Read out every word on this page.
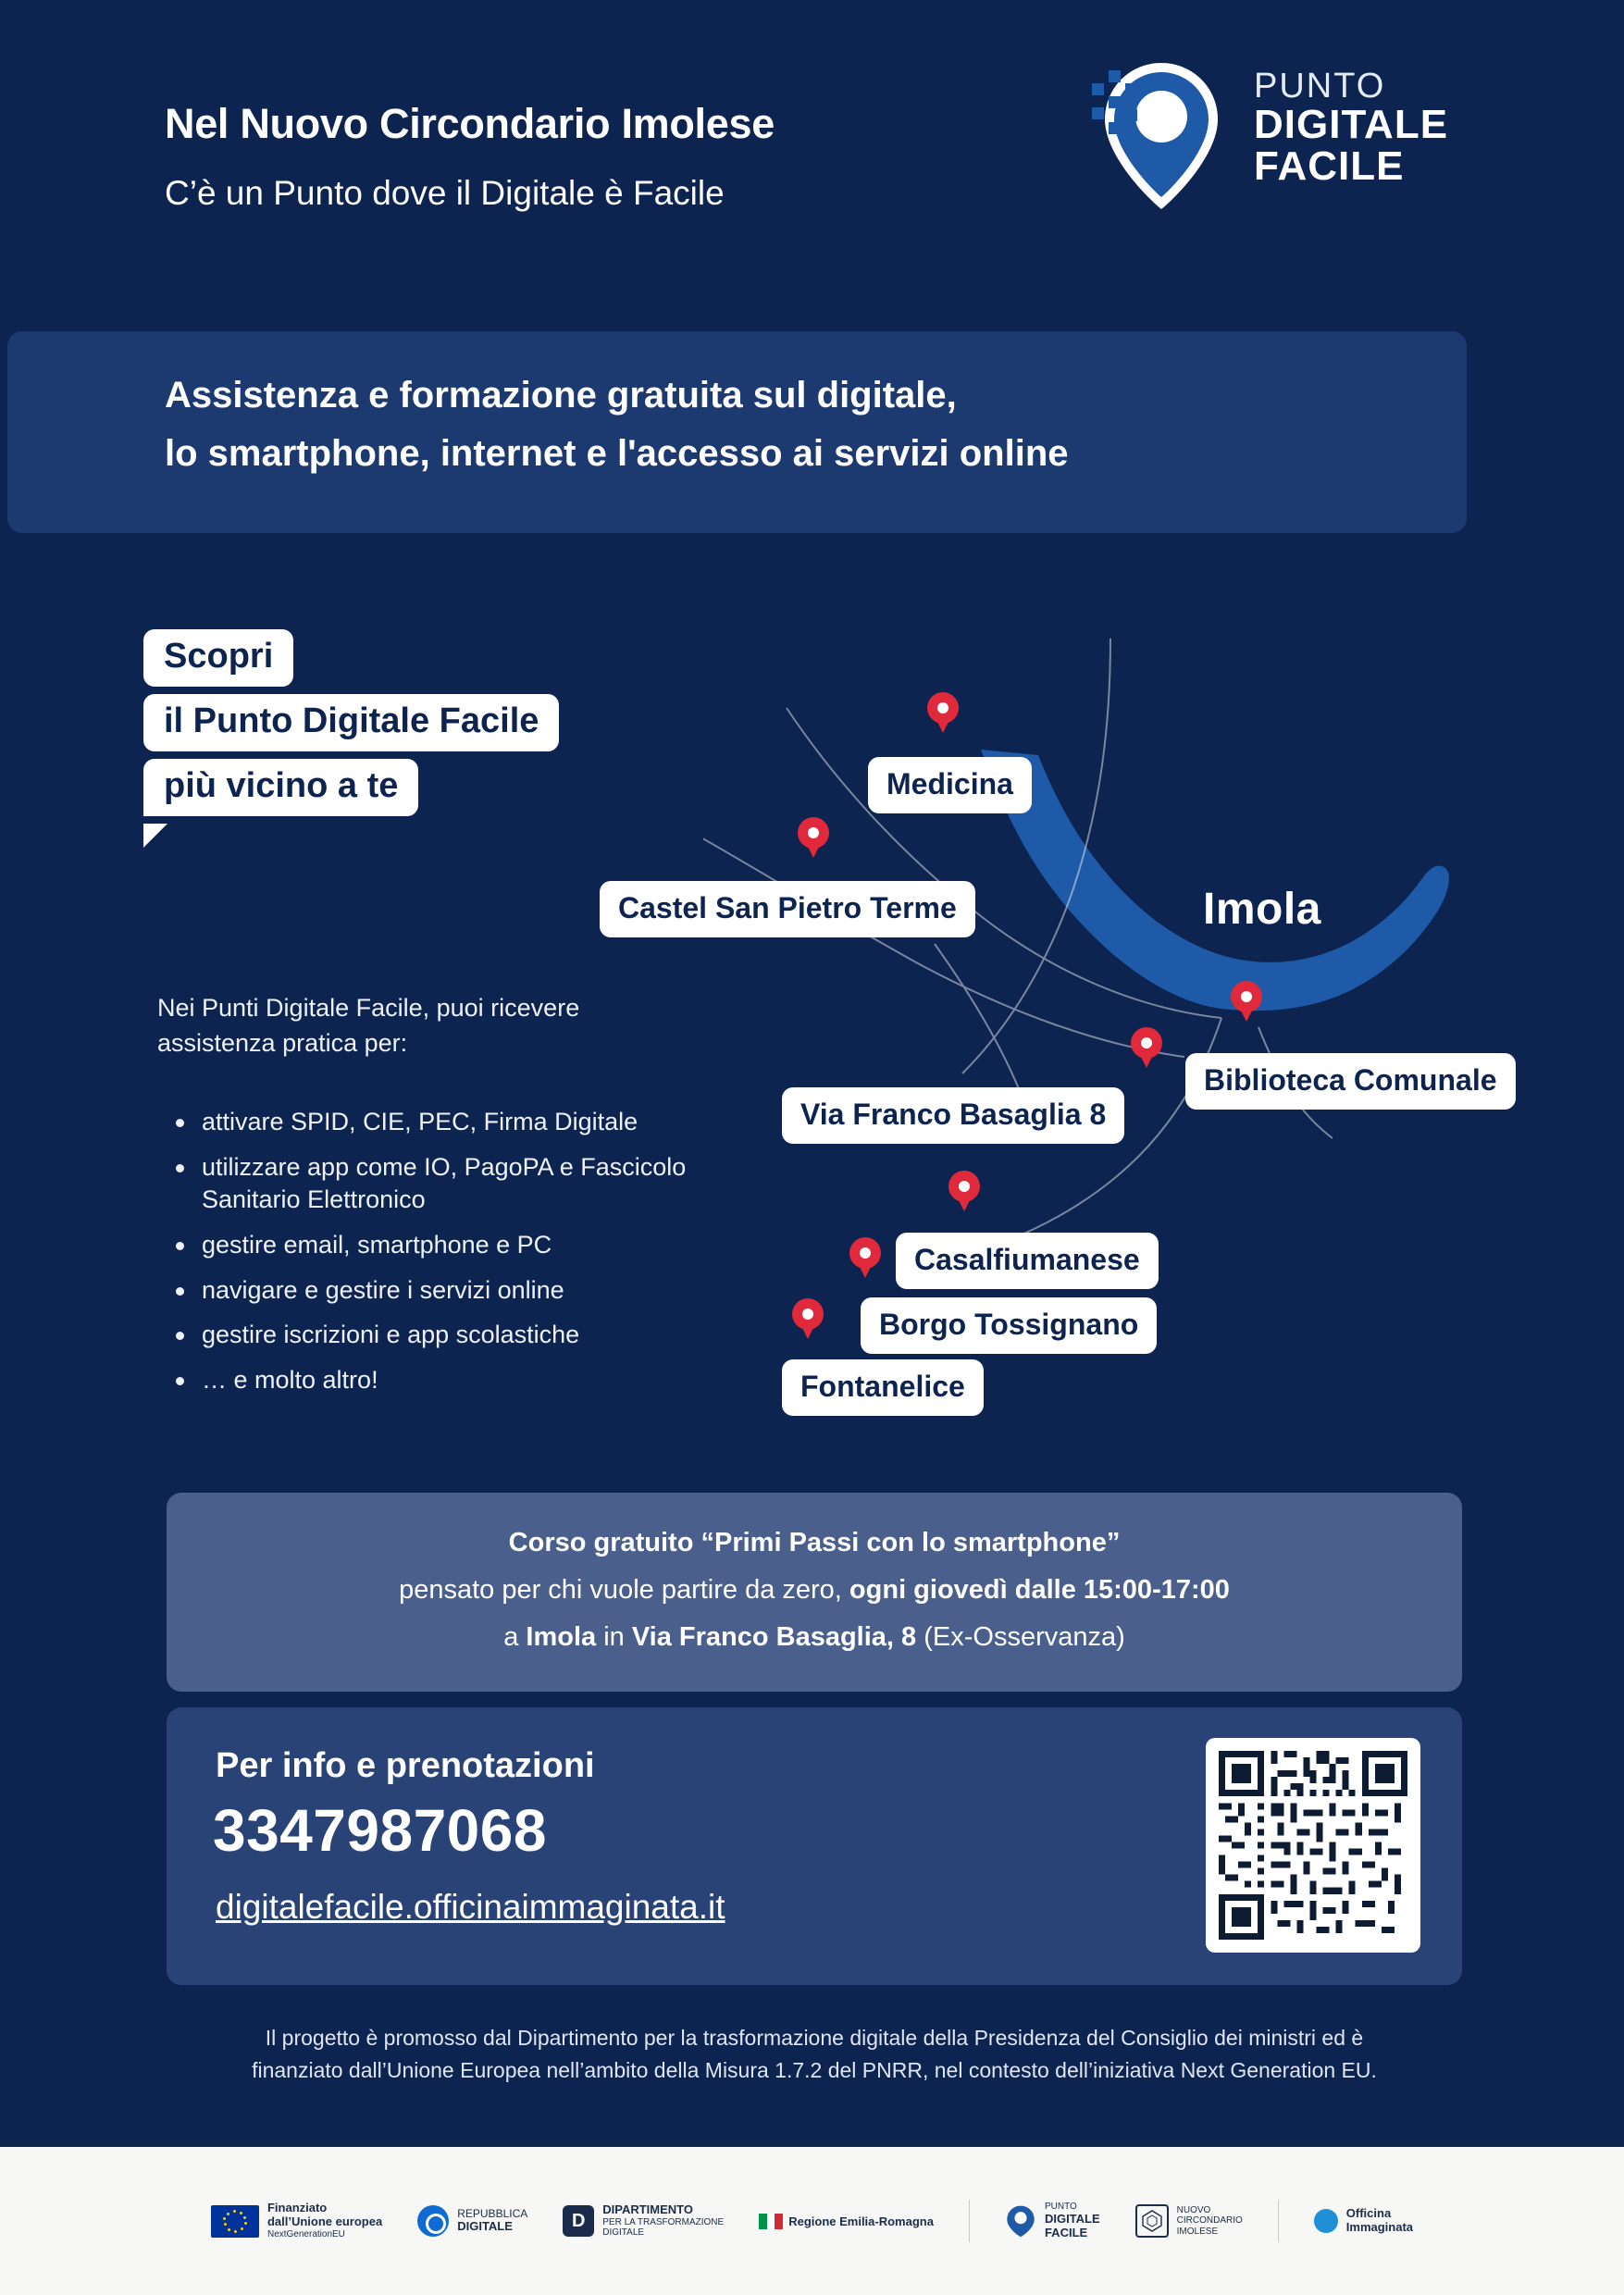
Nel Nuovo Circondario Imolese
C’è un Punto dove il Digitale è Facile
PUNTO
DIGITALE
FACILE
Assistenza e formazione gratuita sul digitale,
lo smartphone, internet e l'accesso ai servizi online
Scopri
il Punto Digitale Facile
più vicino a te
Nei Punti Digitale Facile, puoi ricevere assistenza pratica per:
attivare SPID, CIE, PEC, Firma Digitale
utilizzare app come IO, PagoPA e Fascicolo Sanitario Elettronico
gestire email, smartphone e PC
navigare e gestire i servizi online
gestire iscrizioni e app scolastiche
… e molto altro!
Imola
Medicina
Castel San Pietro Terme
Biblioteca Comunale
Via Franco Basaglia 8
Casalfiumanese
Borgo Tossignano
Fontanelice
Corso gratuito “Primi Passi con lo smartphone”
pensato per chi vuole partire da zero, ogni giovedì dalle 15:00-17:00
a Imola in Via Franco Basaglia, 8 (Ex-Osservanza)
Per info e prenotazioni
3347987068
digitalefacile.officinaimmaginata.it
Il progetto è promosso dal Dipartimento per la trasformazione digitale della Presidenza del Consiglio dei ministri ed è
finanziato dall’Unione Europea nell’ambito della Misura 1.7.2 del PNRR, nel contesto dell’iniziativa Next Generation EU.
Finanziato
dall’Unione europea
NextGenerationEU
REPUBBLICA
DIGITALE	D
DIPARTIMENTO
PER LA TRASFORMAZIONE
DIGITALE
Regione Emilia-Romagna
PUNTO
DIGITALE
FACILE
NUOVO
CIRCONDARIO
IMOLESE
Officina
Immaginata
